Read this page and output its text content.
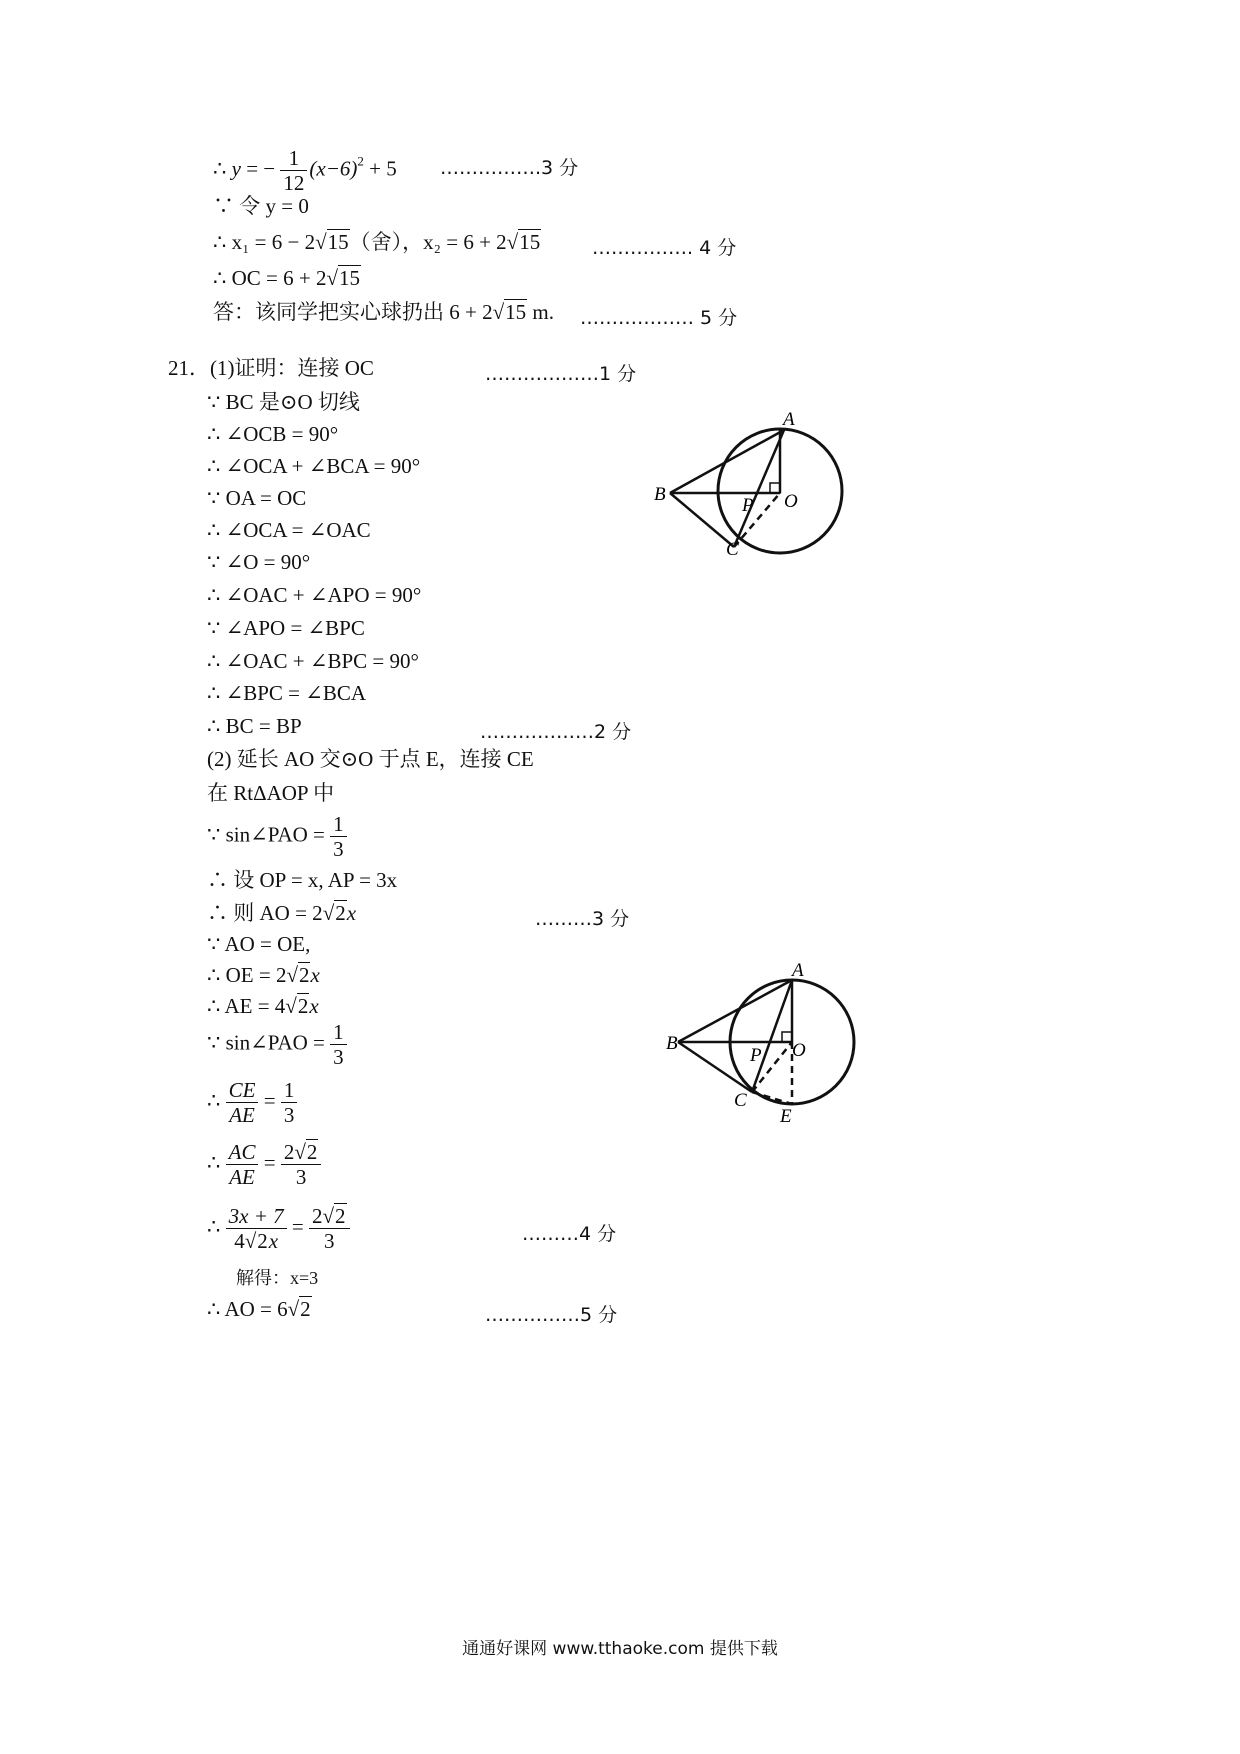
∴ y = − $\frac{1}{12} (x-6)^2 + 5$ …………….3 分
∵ 令 y = 0
∴ x₁ = 6 − 2√15（舍），x₂ = 6 + 2√15	……………. 4 分
∴ OC = 6 + 2√15
答：该同学把实心球扔出 6 + 2√15 m. ……………… 5 分
21．(1)证明：连接 OC	………………1 分
∵ BC 是⊙O 切线
∴ ∠OCB = 90°
∴ ∠OCA + ∠BCA = 90°
∵ OA = OC
∴ ∠OCA = ∠OAC
∵ ∠O = 90°
∴ ∠OAC + ∠APO = 90°
∵ ∠APO = ∠BPC
∴ ∠OAC + ∠BPC = 90°
∴ ∠BPC = ∠BCA
∴ BC = BP	………………2 分
(2) 延长 AO 交⊙O 于点 E，连接 CE
在 RtΔAOP 中
∵ sin∠PAO = $\frac{1}{3}$
∴ 设 OP = x, AP = 3x
∴ 则 AO = 2√2x	………3 分
∵ AO = OE,
∴ OE = 2√2x
∴ AE = 4√2x
∵ sin∠PAO = $\frac{1}{3}$
∴ $\frac{CE}{AE} = \frac{1}{3}$
∴ $\frac{AC}{AE} = \frac{2√2}{3}$
∴ $\frac{3x + 7}{4√2x} = \frac{2√2}{3}$	………4 分
解得：x=3
∴ AO = 6√2	……………5 分
A
B
C
O
P
A
B
C
O
P
E
通通好课网 www.tthaoke.com 提供下载
